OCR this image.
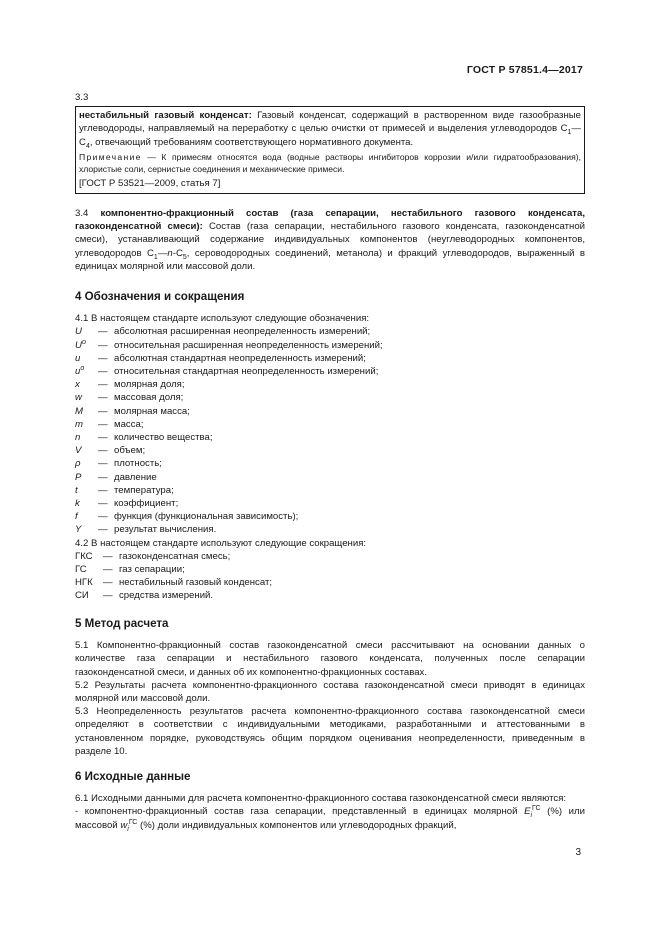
ГОСТ Р 57851.4—2017
3.3

нестабильный газовый конденсат: Газовый конденсат, содержащий в растворенном виде газообразные углеводороды, направляемый на переработку с целью очистки от примесей и выделения углеводородов $C_1—C_4$, отвечающий требованиям соответствующего нормативного документа.

Примечание — К примесям относятся вода (водные растворы ингибиторов коррозии и/или гидратообразования), хлористые соли, сернистые соединения и механические примеси.

[ГОСТ Р 53521—2009, статья 7]

3.4 компонентно-фракционный состав (газа сепарации, нестабильного газового конденсата, газоконденсатной смеси): Состав (газа сепарации, нестабильного газового конденсата, газоконденсатной смеси), устанавливающий содержание индивидуальных компонентов (неуглеводородных компонентов, углеводородов $C_1—n-C_5$, сероводородных соединений, метанола) и фракций углеводородов, выраженный в единицах молярной или массовой доли.

4 Обозначения и сокращения
4.1 В настоящем стандарте используют следующие обозначения:
U	— абсолютная расширенная неопределенность измерений;
$U^o$	— относительная расширенная неопределенность измерений;
u	— абсолютная стандартная неопределенность измерений;
$u^o$	— относительная стандартная неопределенность измерений;
x	— молярная доля;
w	— массовая доля;
M	— молярная масса;
m	— масса;
n	— количество вещества;
V	— объем;
ρ	— плотность;
P	— давление
t	— температура;
k	— коэффициент;
f	— функция (функциональная зависимость);
Y	— результат вычисления.
4.2 В настоящем стандарте используют следующие сокращения:
ГКС	— газоконденсатная смесь;
ГС	— газ сепарации;
НГК	— нестабильный газовый конденсат;
СИ	— средства измерений.
5 Метод расчета

5.1 Компонентно-фракционный состав газоконденсатной смеси рассчитывают на основании данных о количестве газа сепарации и нестабильного газового конденсата, полученных после сепарации газоконденсатной смеси, и данных об их компонентно-фракционных составах.

5.2 Результаты расчета компонентно-фракционного состава газоконденсатной смеси приводят в единицах молярной или массовой доли.

5.3 Неопределенность результатов расчета компонентно-фракционного состава газоконденсатной смеси определяют в соответствии с индивидуальными методиками, разработанными и аттестованными в установленном порядке, руководствуясь общим порядком оценивания неопределенности, приведенным в разделе 10.

6 Исходные данные

6.1 Исходными данными для расчета компонентно-фракционного состава газоконденсатной смеси являются:

- компонентно-фракционный состав газа сепарации, представленный в единицах молярной $E_i^{ГС}$ (%) или массовой $w_i^{ГС}$ (%) доли индивидуальных компонентов или углеводородных фракций,

3
